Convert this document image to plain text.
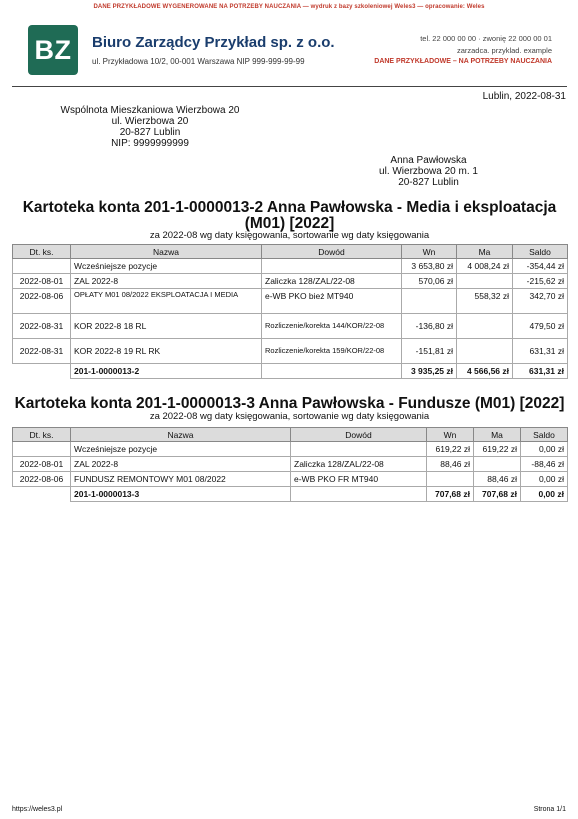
DANE PRZYKŁADOWE WYGENEROWANE NA POTRZEBY NAUCZANIA — wydruk z bazy szkoleniowej Weles3 — opracowanie: Weles
BZ	Biuro Zarządcy Przykład sp. z o.o.
ul. Przykładowa 10/2, 00-001 Warszawa NIP 999-999-99-99
tel. 22 000 00 00 · zwonię 22 000 00 01
zarzadca. przyklad. example
DANE PRZYKŁADOWE – NA POTRZEBY NAUCZANIA
Lublin, 2022-08-31
Wspólnota Mieszkaniowa Wierzbowa 20
ul. Wierzbowa 20
20-827 Lublin
NIP: 9999999999
Anna Pawłowska
ul. Wierzbowa 20 m. 1
20-827 Lublin
Kartoteka konta 201-1-0000013-2 Anna Pawłowska - Media i eksploatacja (M01) [2022]
za 2022-08 wg daty księgowania, sortowanie wg daty księgowania
Dt. ks.	Nazwa	Dowód	Wn	Ma	Saldo
	Wcześniejsze pozycje		3 653,80 zł	4 008,24 zł	-354,44 zł
2022-08-01	ZAL 2022-8	Zaliczka 128/ZAL/22-08	570,06 zł		-215,62 zł
2022-08-06	OPŁATY M01 08/2022 EKSPLOATACJA I MEDIA	e-WB PKO bież MT940		558,32 zł	342,70 zł
2022-08-31	KOR 2022-8 18 RL	Rozliczenie/korekta 144/KOR/22-08	-136,80 zł		479,50 zł
2022-08-31	KOR 2022-8 19 RL RK	Rozliczenie/korekta 159/KOR/22-08	-151,81 zł		631,31 zł
	201-1-0000013-2		3 935,25 zł	4 566,56 zł	631,31 zł
Kartoteka konta 201-1-0000013-3 Anna Pawłowska - Fundusze (M01) [2022]
za 2022-08 wg daty księgowania, sortowanie wg daty księgowania
Dt. ks.	Nazwa	Dowód	Wn	Ma	Saldo
	Wcześniejsze pozycje		619,22 zł	619,22 zł	0,00 zł
2022-08-01	ZAL 2022-8	Zaliczka 128/ZAL/22-08	88,46 zł		-88,46 zł
2022-08-06	FUNDUSZ REMONTOWY M01 08/2022	e-WB PKO FR MT940		88,46 zł	0,00 zł
	201-1-0000013-3		707,68 zł	707,68 zł	0,00 zł
https://weles3.pl	Strona 1/1
